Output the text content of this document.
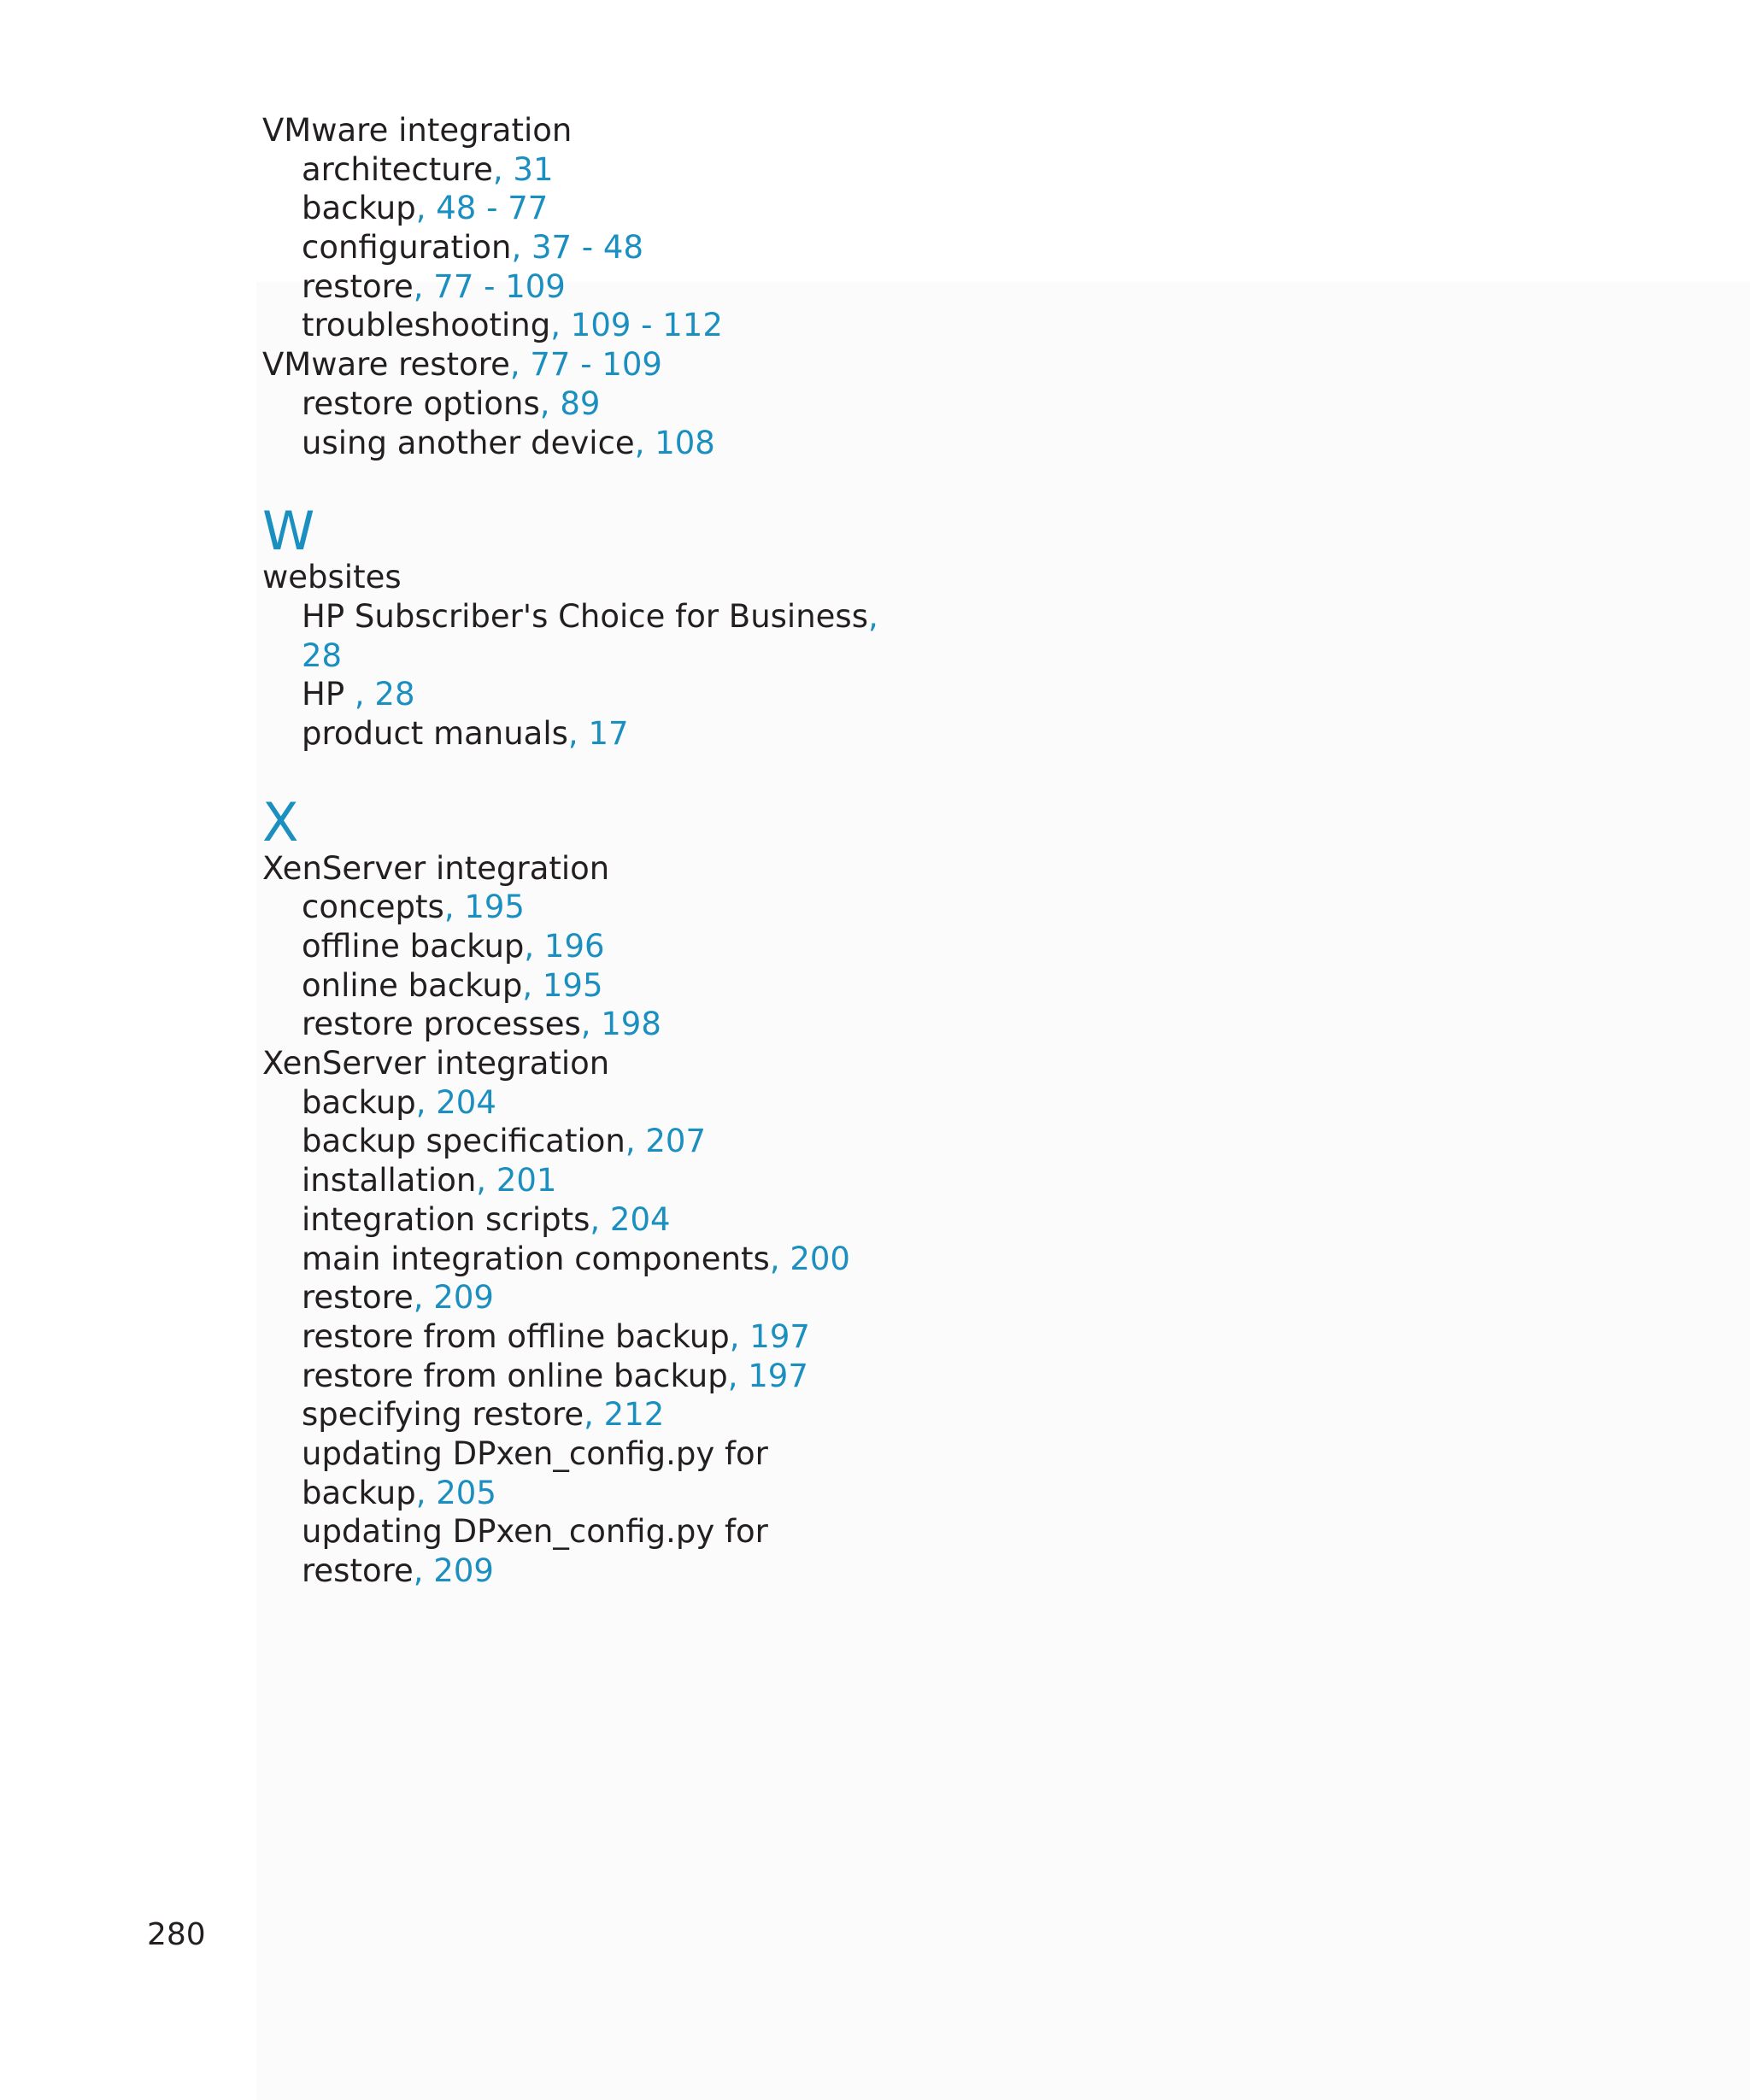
VMware integration
architecture, 31
backup, 48 - 77
configuration, 37 - 48
restore, 77 - 109
troubleshooting, 109 - 112
VMware restore, 77 - 109
restore options, 89
using another device, 108
W
websites
HP Subscriber's Choice for Business,
28
HP , 28
product manuals, 17
X
XenServer integration
concepts, 195
offline backup, 196
online backup, 195
restore processes, 198
XenServer integration
backup, 204
backup specification, 207
installation, 201
integration scripts, 204
main integration components, 200
restore, 209
restore from offline backup, 197
restore from online backup, 197
specifying restore, 212
updating DPxen_config.py for
backup, 205
updating DPxen_config.py for
restore, 209
280
